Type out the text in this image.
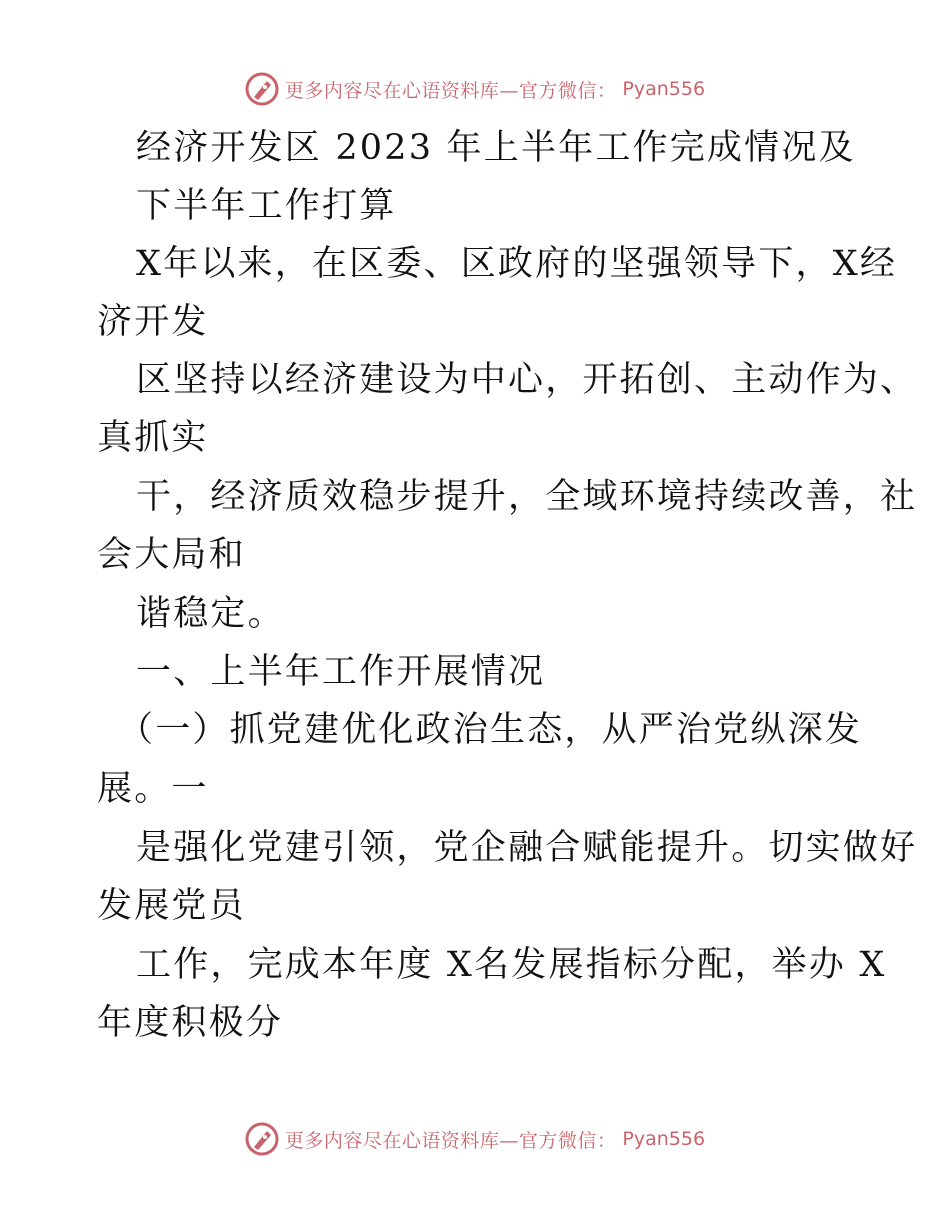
更多内容尽在心语资料库—官方微信： Pyan556
经济开发区 2023 年上半年工作完成情况及
下半年工作打算
X年以来，在区委、区政府的坚强领导下，X经
济开发
区坚持以经济建设为中心，开拓创、主动作为、
真抓实
干，经济质效稳步提升，全域环境持续改善，社
会大局和
谐稳定。
一、上半年工作开展情况
（一）抓党建优化政治生态，从严治党纵深发
展。一
是强化党建引领，党企融合赋能提升。切实做好
发展党员
工作，完成本年度 X名发展指标分配，举办 X
年度积极分
更多内容尽在心语资料库—官方微信： Pyan556
